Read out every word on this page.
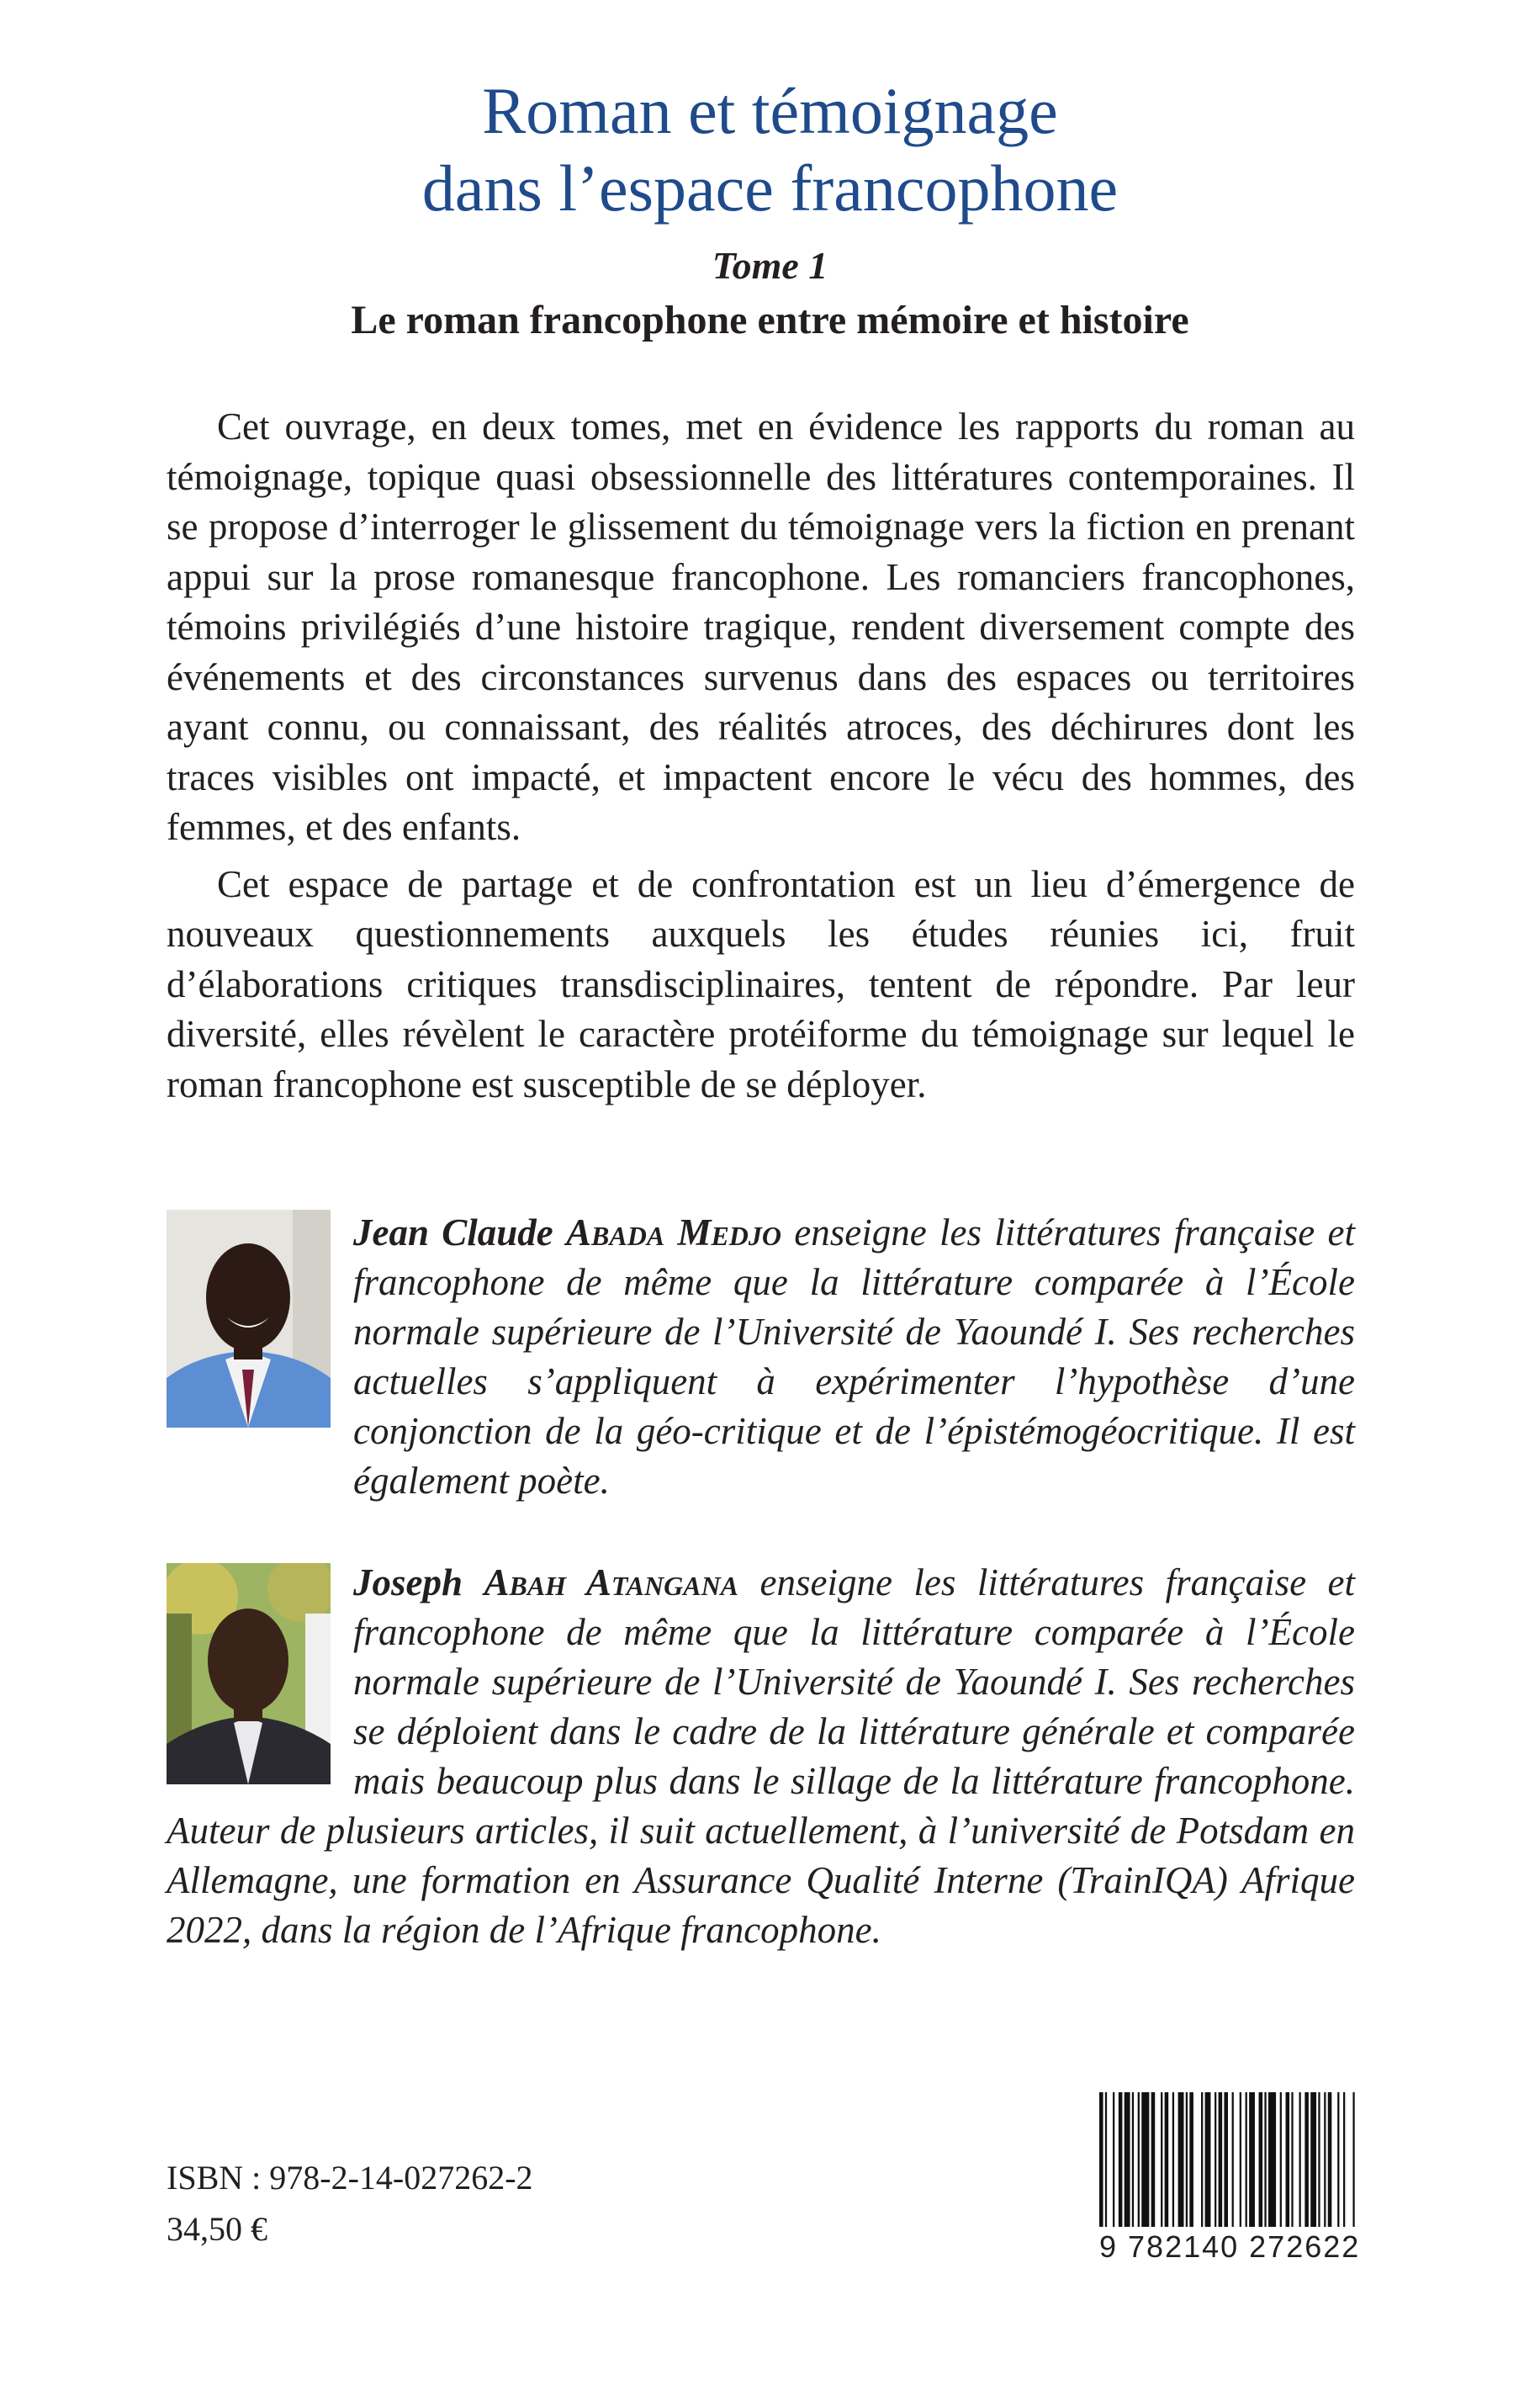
Roman et témoignage
dans l’espace francophone
Tome 1
Le roman francophone entre mémoire et histoire

Cet ouvrage, en deux tomes, met en évidence les rapports du roman au témoignage, topique quasi obsessionnelle des littératures contemporaines. Il se propose d’interroger le glissement du témoignage vers la fiction en prenant appui sur la prose romanesque francophone. Les romanciers francophones, témoins privilégiés d’une histoire tragique, rendent diversement compte des événements et des circonstances survenus dans des espaces ou territoires ayant connu, ou connaissant, des réalités atroces, des déchirures dont les traces visibles ont impacté, et impactent encore le vécu des hommes, des femmes, et des enfants.

Cet espace de partage et de confrontation est un lieu d’émergence de nouveaux questionnements auxquels les études réunies ici, fruit d’élaborations critiques transdisciplinaires, tentent de répondre. Par leur diversité, elles révèlent le caractère protéiforme du témoignage sur lequel le roman francophone est susceptible de se déployer.

Jean Claude Abada Medjo enseigne les littératures française et francophone de même que la littérature comparée à l’École normale supérieure de l’Université de Yaoundé I. Ses recherches actuelles s’appliquent à expérimenter l’hypothèse d’une conjonction de la géo-critique et de l’épistémogéocritique. Il est également poète.
Joseph Abah Atangana enseigne les littératures française et francophone de même que la littérature comparée à l’École normale supérieure de l’Université de Yaoundé I. Ses recherches se déploient dans le cadre de la littérature générale et comparée mais beaucoup plus dans le sillage de la littérature francophone. Auteur de plusieurs articles, il suit actuellement, à l’université de Potsdam en Allemagne, une formation en Assurance Qualité Interne (TrainIQA) Afrique 2022, dans la région de l’Afrique francophone.
ISBN : 978-2-14-027262-2
34,50 €	9 782140 272622
